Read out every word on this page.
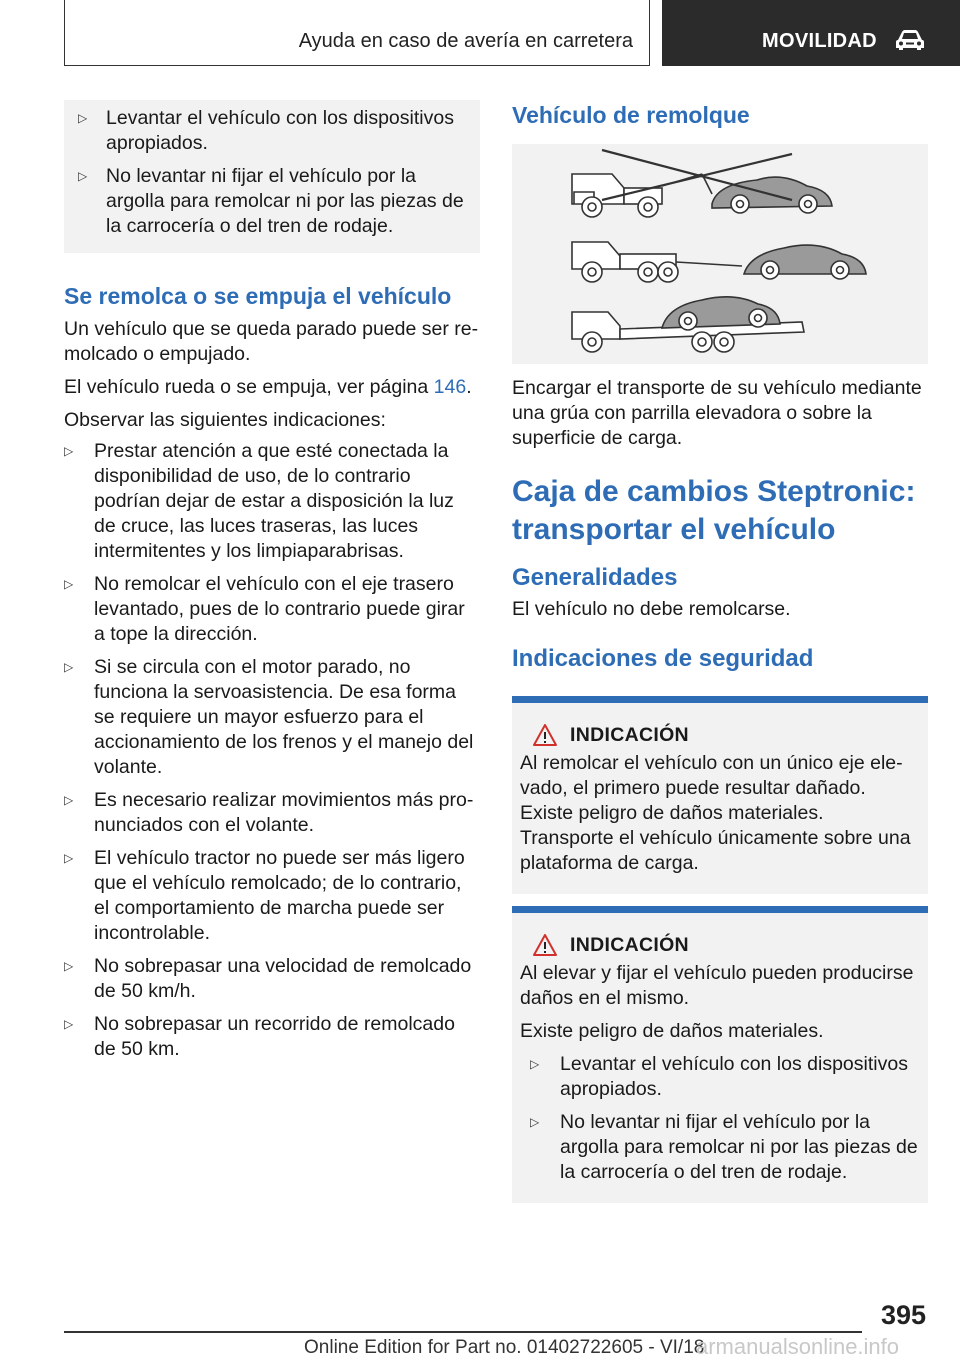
Ayuda en caso de avería en carretera	MOVILIDAD
▷ Levantar el vehículo con los dispositivos apropiados.
▷ No levantar ni fijar el vehículo por la argolla para remolcar ni por las piezas de la carrocería o del tren de rodaje.
Se remolca o se empuja el vehículo

Un vehículo que se queda parado puede ser remolcado o empujado.

El vehículo rueda o se empuja, ver página 146.

Observar las siguientes indicaciones:

▷	Prestar atención a que esté conectada la disponibilidad de uso, de lo contrario podrían dejar de estar a disposición la luz de cruce, las luces traseras, las luces intermitentes y los limpiaparabrisas.
▷	No remolcar el vehículo con el eje trasero levantado, pues de lo contrario puede girar a tope la dirección.
▷	Si se circula con el motor parado, no funciona la servoasistencia. De esa forma se requiere un mayor esfuerzo para el accionamiento de los frenos y el manejo del volante.
▷	Es necesario realizar movimientos más pronunciados con el volante.
▷	El vehículo tractor no puede ser más ligero que el vehículo remolcado; de lo contrario, el comportamiento de marcha puede ser incontrolable.
▷	No sobrepasar una velocidad de remolcado de 50 km/h.
▷	No sobrepasar un recorrido de remolcado de 50 km.
Vehículo de remolque

Encargar el transporte de su vehículo mediante una grúa con parrilla elevadora o sobre la superficie de carga.

Caja de cambios Steptronic: transportar el vehículo
Generalidades

El vehículo no debe remolcarse.

Indicaciones de seguridad
INDICACIÓN

Al remolcar el vehículo con un único eje elevado, el primero puede resultar dañado. Existe peligro de daños materiales. Transporte el vehículo únicamente sobre una plataforma de carga.

INDICACIÓN

Al elevar y fijar el vehículo pueden producirse daños en el mismo.

Existe peligro de daños materiales.

▷	Levantar el vehículo con los dispositivos apropiados.
▷	No levantar ni fijar el vehículo por la argolla para remolcar ni por las piezas de la carrocería o del tren de rodaje.
395
Online Edition for Part no. 01402722605 - VI/18
armanualsonline.info
